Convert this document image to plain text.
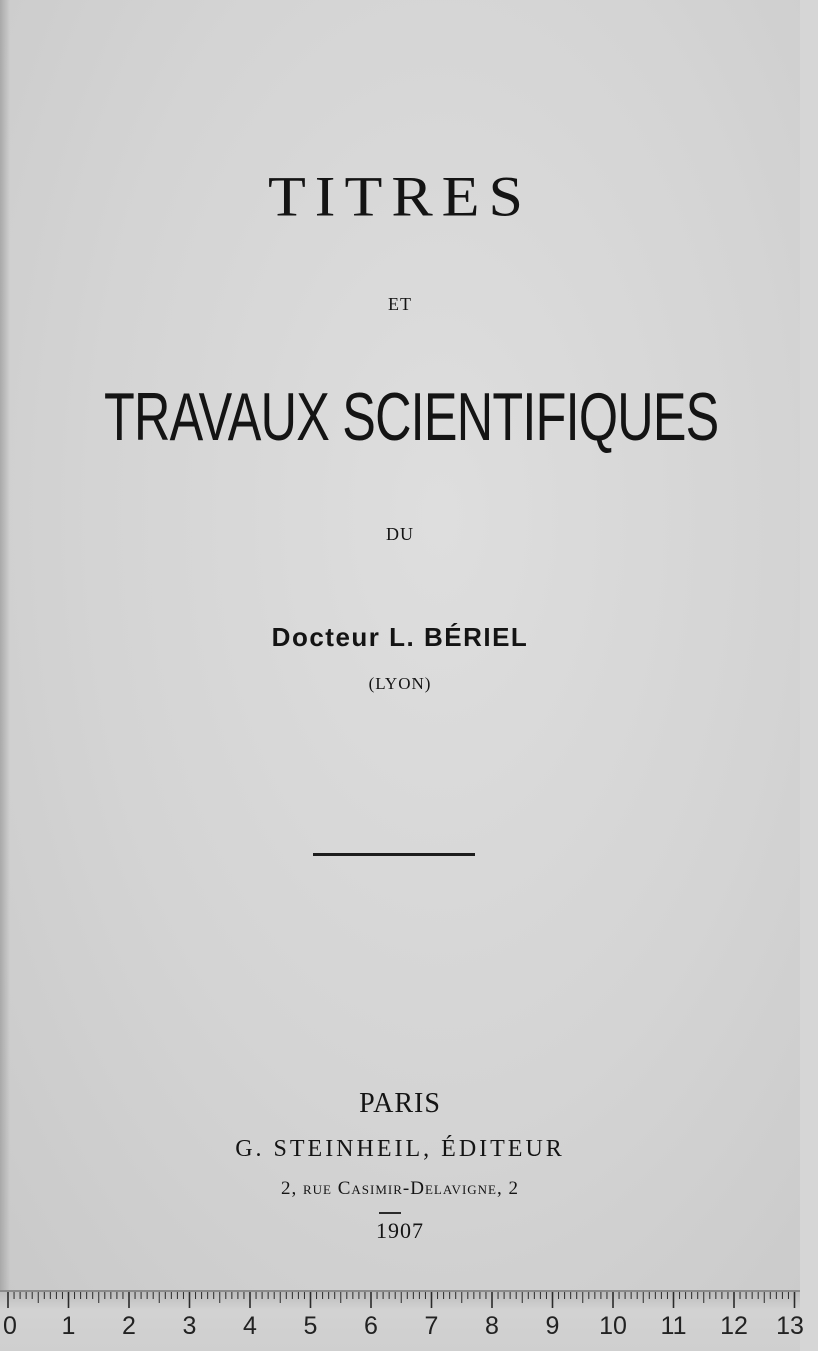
TITRES
ET
TRAVAUX SCIENTIFIQUES
DU
Docteur L. BÉRIEL
(LYON)
PARIS
G. STEINHEIL, ÉDITEUR
2, rue Casimir-Delavigne, 2
1907
0 1 2 3 4 5 6 7 8 9 10 11 12 13
